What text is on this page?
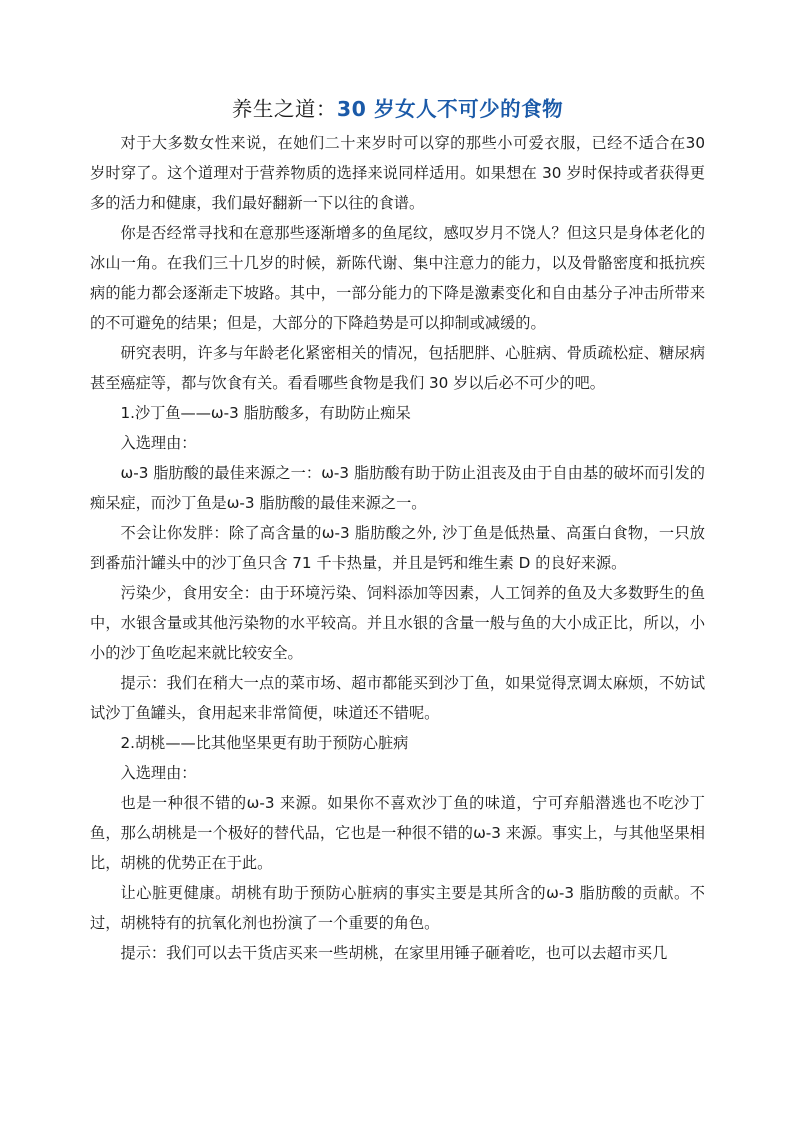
养生之道：30 岁女人不可少的食物

对于大多数女性来说，在她们二十来岁时可以穿的那些小可爱衣服，已经不适合在30 岁时穿了。这个道理对于营养物质的选择来说同样适用。如果想在 30 岁时保持或者获得更多的活力和健康，我们最好翻新一下以往的食谱。

你是否经常寻找和在意那些逐渐增多的鱼尾纹，感叹岁月不饶人？但这只是身体老化的冰山一角。在我们三十几岁的时候，新陈代谢、集中注意力的能力，以及骨骼密度和抵抗疾病的能力都会逐渐走下坡路。其中，一部分能力的下降是激素变化和自由基分子冲击所带来的不可避免的结果；但是，大部分的下降趋势是可以抑制或减缓的。

研究表明，许多与年龄老化紧密相关的情况，包括肥胖、心脏病、骨质疏松症、糖尿病甚至癌症等，都与饮食有关。看看哪些食物是我们 30 岁以后必不可少的吧。

1.沙丁鱼——ω-3 脂肪酸多，有助防止痴呆

入选理由：

ω-3 脂肪酸的最佳来源之一：ω-3 脂肪酸有助于防止沮丧及由于自由基的破坏而引发的痴呆症，而沙丁鱼是ω-3 脂肪酸的最佳来源之一。

不会让你发胖：除了高含量的ω-3 脂肪酸之外, 沙丁鱼是低热量、高蛋白食物，一只放到番茄汁罐头中的沙丁鱼只含 71 千卡热量，并且是钙和维生素 D 的良好来源。

污染少，食用安全：由于环境污染、饲料添加等因素，人工饲养的鱼及大多数野生的鱼中，水银含量或其他污染物的水平较高。并且水银的含量一般与鱼的大小成正比，所以，小小的沙丁鱼吃起来就比较安全。

提示：我们在稍大一点的菜市场、超市都能买到沙丁鱼，如果觉得烹调太麻烦，不妨试试沙丁鱼罐头，食用起来非常简便，味道还不错呢。

2.胡桃——比其他坚果更有助于预防心脏病

入选理由：

也是一种很不错的ω-3 来源。如果你不喜欢沙丁鱼的味道，宁可弃船潜逃也不吃沙丁鱼，那么胡桃是一个极好的替代品，它也是一种很不错的ω-3 来源。事实上，与其他坚果相比，胡桃的优势正在于此。

让心脏更健康。胡桃有助于预防心脏病的事实主要是其所含的ω-3 脂肪酸的贡献。不过，胡桃特有的抗氧化剂也扮演了一个重要的角色。

提示：我们可以去干货店买来一些胡桃，在家里用锤子砸着吃，也可以去超市买几
